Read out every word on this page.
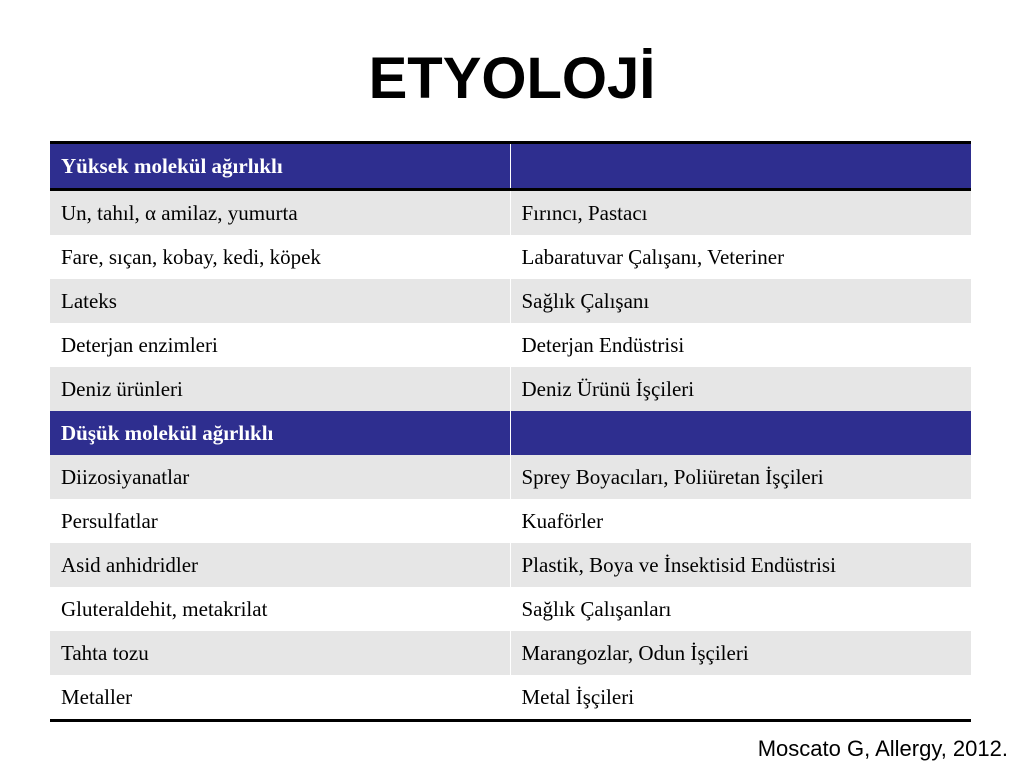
ETYOLOJİ
Yüksek molekül ağırlıklı	
Un, tahıl, α amilaz, yumurta	Fırıncı, Pastacı
Fare, sıçan, kobay, kedi, köpek	Labaratuvar Çalışanı, Veteriner
Lateks	Sağlık Çalışanı
Deterjan enzimleri	Deterjan Endüstrisi
Deniz ürünleri	Deniz Ürünü İşçileri
Düşük molekül ağırlıklı	
Diizosiyanatlar	Sprey Boyacıları, Poliüretan İşçileri
Persulfatlar	Kuaförler
Asid anhidridler	Plastik, Boya ve İnsektisid Endüstrisi
Gluteraldehit, metakrilat	Sağlık Çalışanları
Tahta tozu	Marangozlar, Odun İşçileri
Metaller	Metal İşçileri
Moscato G, Allergy, 2012.
